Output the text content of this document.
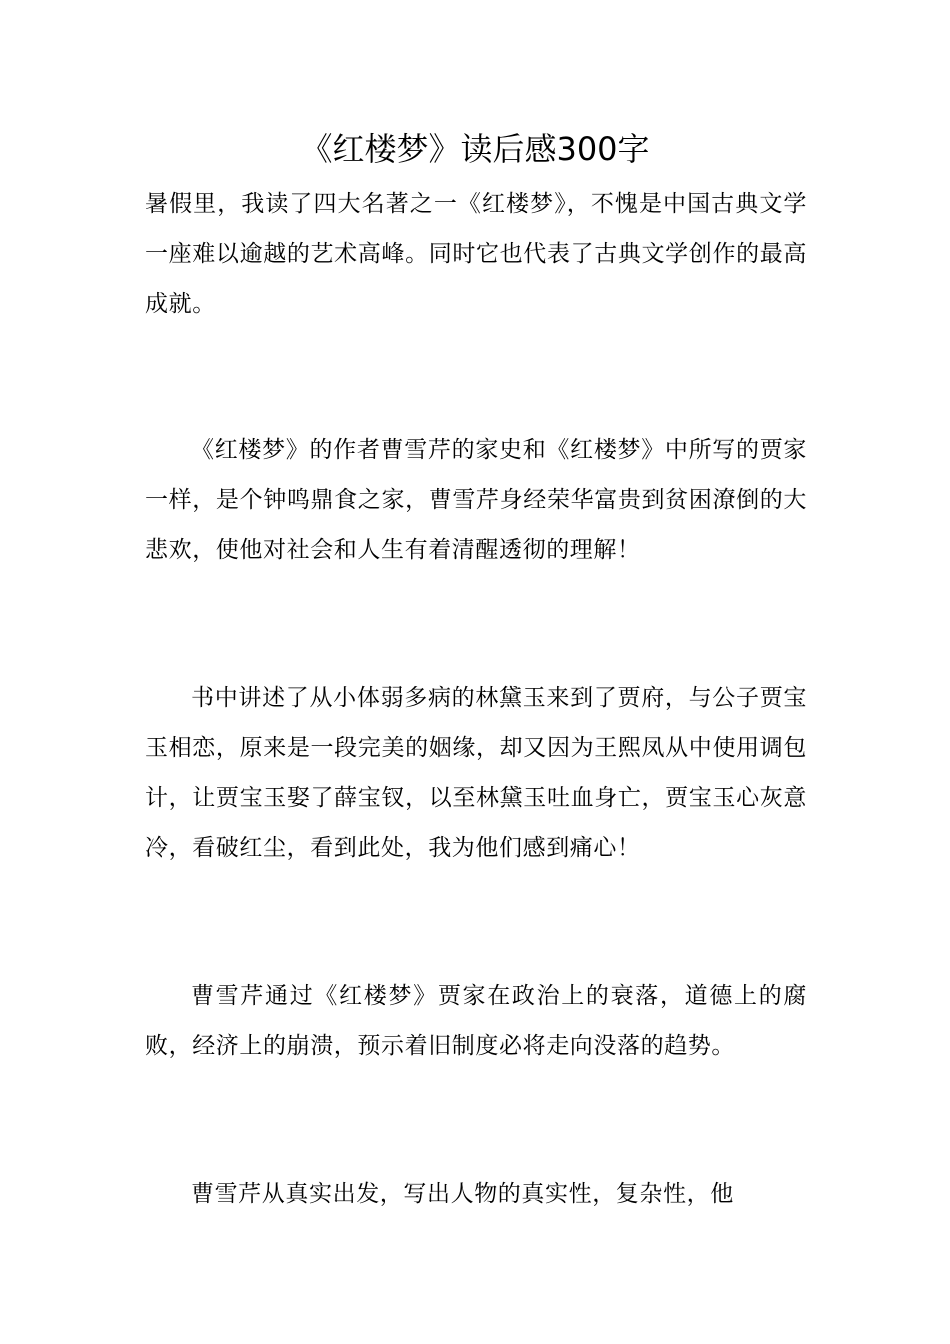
《红楼梦》读后感300字

暑假里，我读了四大名著之一《红楼梦》，不愧是中国古典文学一座难以逾越的艺术高峰。同时它也代表了古典文学创作的最高成就。

《红楼梦》的作者曹雪芹的家史和《红楼梦》中所写的贾家一样，是个钟鸣鼎食之家，曹雪芹身经荣华富贵到贫困潦倒的大悲欢，使他对社会和人生有着清醒透彻的理解！

书中讲述了从小体弱多病的林黛玉来到了贾府，与公子贾宝玉相恋，原来是一段完美的姻缘，却又因为王熙凤从中使用调包计，让贾宝玉娶了薛宝钗，以至林黛玉吐血身亡，贾宝玉心灰意冷，看破红尘，看到此处，我为他们感到痛心！

曹雪芹通过《红楼梦》贾家在政治上的衰落，道德上的腐败，经济上的崩溃，预示着旧制度必将走向没落的趋势。

曹雪芹从真实出发，写出人物的真实性，复杂性，他
